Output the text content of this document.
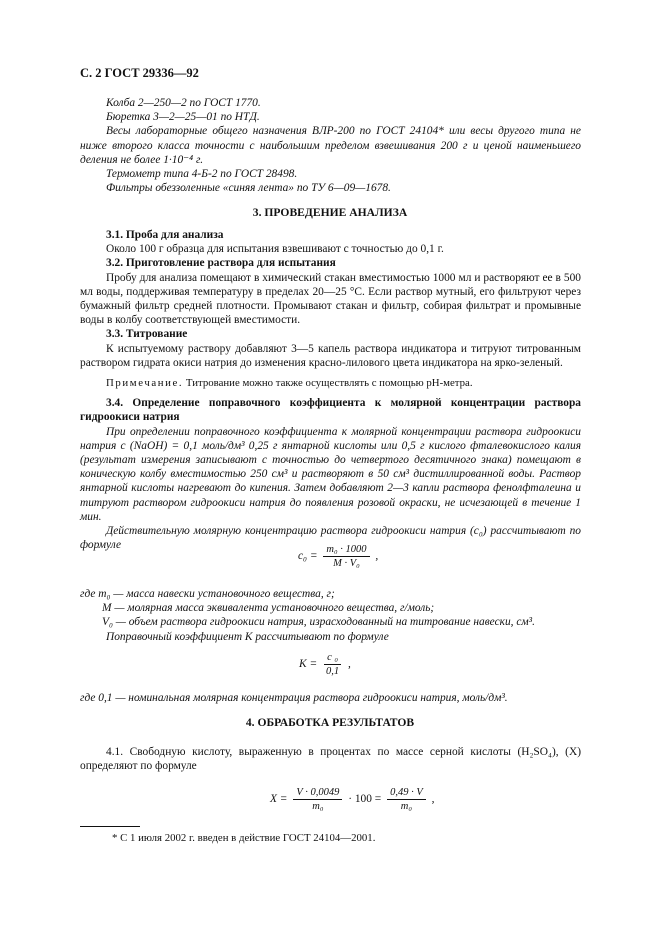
С. 2 ГОСТ 29336—92

Колба 2—250—2 по ГОСТ 1770.

Бюретка 3—2—25—01 по НТД.

Весы лабораторные общего назначения ВЛР-200 по ГОСТ 24104* или весы другого типа не ниже второго класса точности с наибольшим пределом взвешивания 200 г и ценой наименьшего деления не более 1·10⁻⁴ г.

Термометр типа 4-Б-2 по ГОСТ 28498.

Фильтры обеззоленные «синяя лента» по ТУ 6—09—1678.

3. ПРОВЕДЕНИЕ АНАЛИЗА

3.1. Проба для анализа

Около 100 г образца для испытания взвешивают с точностью до 0,1 г.

3.2. Приготовление раствора для испытания

Пробу для анализа помещают в химический стакан вместимостью 1000 мл и растворяют ее в 500 мл воды, поддерживая температуру в пределах 20—25 °С. Если раствор мутный, его фильтруют через бумажный фильтр средней плотности. Промывают стакан и фильтр, собирая фильтрат и промывные воды в колбу соответствующей вместимости.

3.3. Титрование

К испытуемому раствору добавляют 3—5 капель раствора индикатора и титруют титрованным раствором гидрата окиси натрия до изменения красно-лилового цвета индикатора на ярко-зеленый.

Примечание. Титрование можно также осуществлять с помощью рН-метра.

3.4. Определение поправочного коэффициента к молярной концентрации раствора гидроокиси натрия

При определении поправочного коэффициента к молярной концентрации раствора гидроокиси натрия с (NaOH) = 0,1 моль/дм³ 0,25 г янтарной кислоты или 0,5 г кислого фталевокислого калия (результат измерения записывают с точностью до четвертого десятичного знака) помещают в коническую колбу вместимостью 250 см³ и растворяют в 50 см³ дистиллированной воды. Раствор янтарной кислоты нагревают до кипения. Затем добавляют 2—3 капли раствора фенолфталеина и титруют раствором гидроокиси натрия до появления розовой окраски, не исчезающей в течение 1 мин.

Действительную молярную концентрацию раствора гидроокиси натрия (с₀) рассчитывают по формуле

$c_0 = \frac{\text{m₀ · 1000}}{\text{M · V₀}}$ ,

где m₀ — масса навески установочного вещества, г;

M — молярная масса эквивалента установочного вещества, г/моль;

V₀ — объем раствора гидроокиси натрия, израсходованный на титрование навески, см³.

Поправочный коэффициент K рассчитывают по формуле

$K = \frac{\text{c ₀}}{0,1}$ ,
где 0,1 — номинальная молярная концентрация раствора гидроокиси натрия, моль/дм³.
4. ОБРАБОТКА РЕЗУЛЬТАТОВ
4.1. Свободную кислоту, выраженную в процентах по массе серной кислоты (H₂SO₄), (X) определяют по формуле
$X = \frac{V \cdot 0,0049}{\text{m₀}} \cdot 100 = \frac{0,49 \cdot V}{\text{m₀}}$ ,
* С 1 июля 2002 г. введен в действие ГОСТ 24104—2001.
